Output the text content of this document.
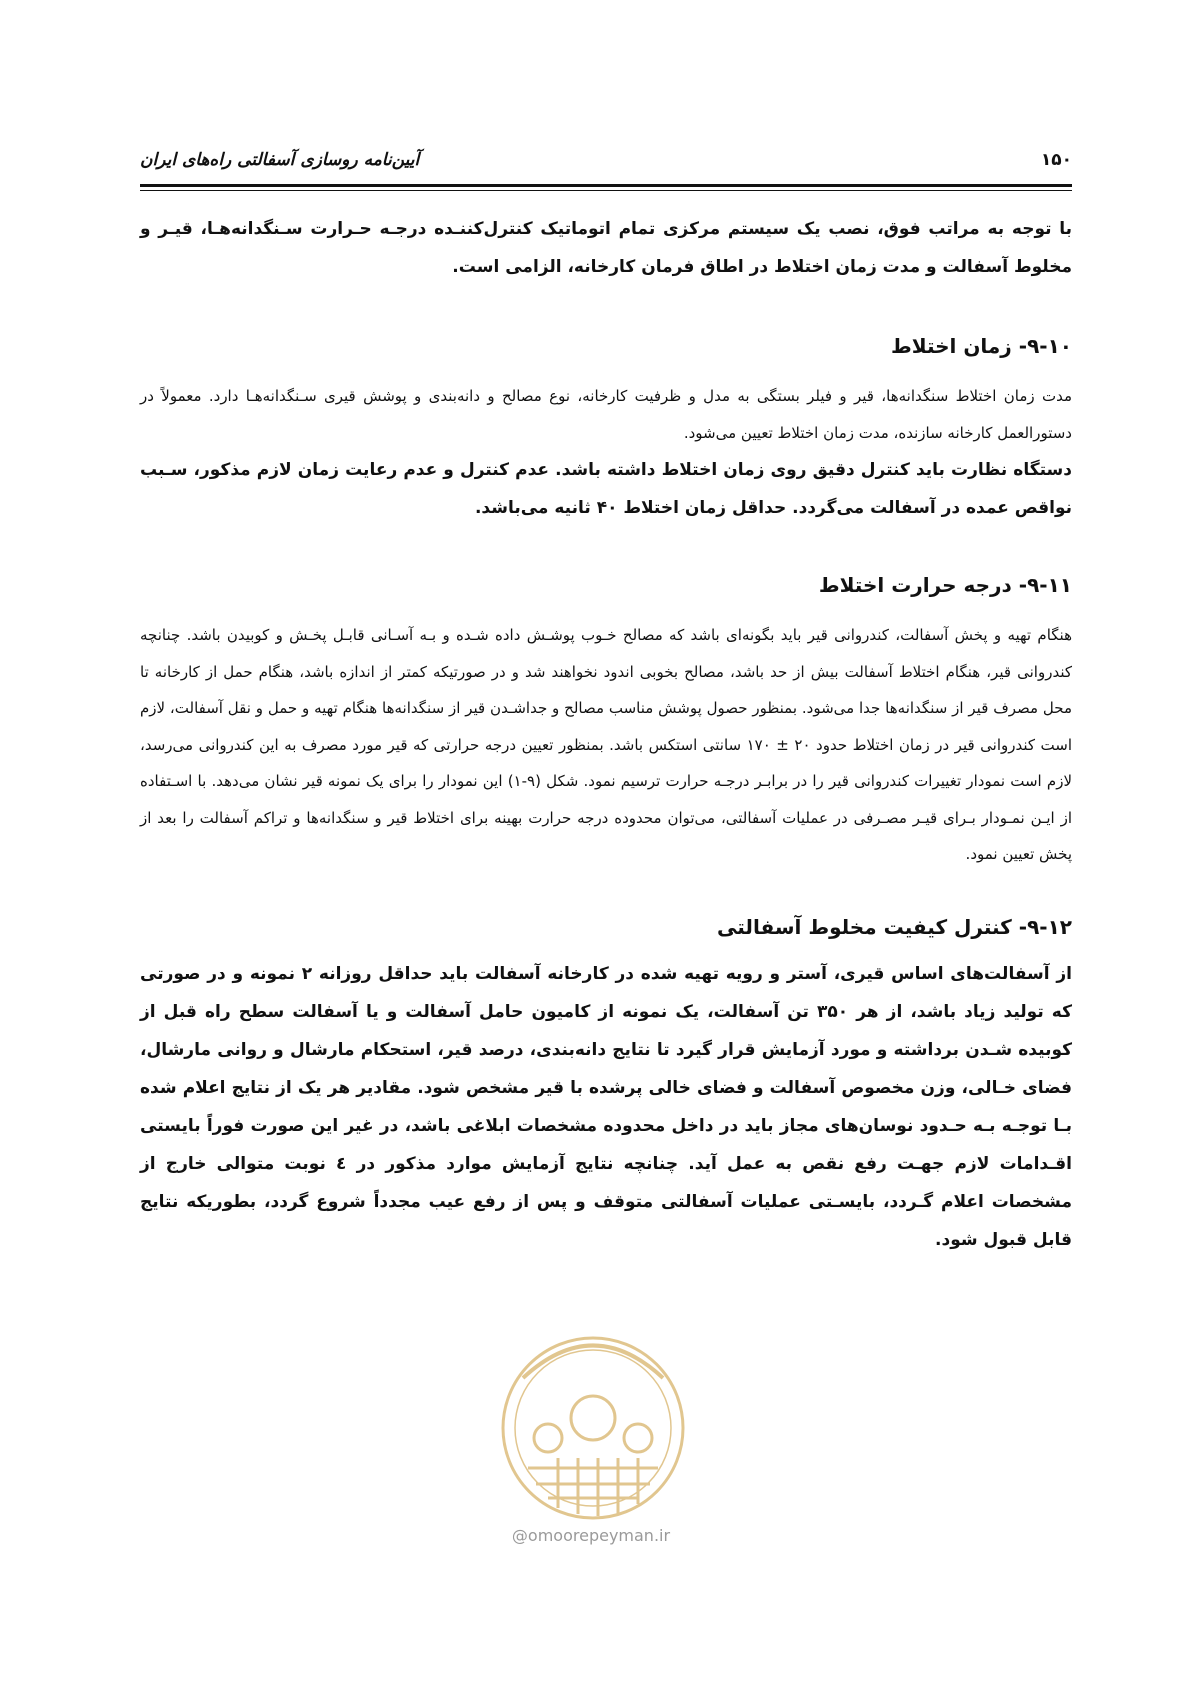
۱۵۰
آیین‌نامه روسازی آسفالتی راه‌های ایران

با توجه به مراتب فوق، نصب یک سیستم مرکزی تمام اتوماتیک کنترل‌کننـده درجـه حـرارت سـنگدانه‌هـا، قیـر و مخلوط آسفالت و مدت زمان اختلاط در اطاق فرمان کارخانه، الزامی است.

۹-۱۰- زمان اختلاط

مدت زمان اختلاط سنگدانه‌ها، قیر و فیلر بستگی به مدل و ظرفیت کارخانه، نوع مصالح و دانه‌بندی و پوشش قیری سـنگدانه‌هـا دارد. معمولاً در دستورالعمل کارخانه سازنده، مدت زمان اختلاط تعیین می‌شود.

دستگاه نظارت باید کنترل دقیق روی زمان اختلاط داشته باشد. عدم کنترل و عدم رعایت زمان لازم مذکور، سـبب نواقص عمده در آسفالت می‌گردد. حداقل زمان اختلاط ۴۰ ثانیه می‌باشد.

۹-۱۱- درجه حرارت اختلاط

هنگام تهیه و پخش آسفالت، کندروانی قیر باید بگونه‌ای باشد که مصالح خـوب پوشـش داده شـده و بـه آسـانی قابـل پخـش و کوبیدن باشد. چنانچه کندروانی قیر، هنگام اختلاط آسفالت بیش از حد باشد، مصالح بخوبی اندود نخواهند شد و در صورتیکه کمتر از اندازه باشد، هنگام حمل از کارخانه تا محل مصرف قیر از سنگدانه‌ها جدا می‌شود. بمنظور حصول پوشش مناسب مصالح و جداشـدن قیر از سنگدانه‌ها هنگام تهیه و حمل و نقل آسفالت، لازم است کندروانی قیر در زمان اختلاط حدود ۲۰ ± ۱۷۰ سانتی استکس باشد. بمنظور تعیین درجه حرارتی که قیر مورد مصرف به این کندروانی می‌رسد، لازم است نمودار تغییرات کندروانی قیر را در برابـر درجـه حرارت ترسیم نمود. شکل (۹-۱) این نمودار را برای یک نمونه قیر نشان می‌دهد. با اسـتفاده از ایـن نمـودار بـرای قیـر مصـرفی در عملیات آسفالتی، می‌توان محدوده درجه حرارت بهینه برای اختلاط قیر و سنگدانه‌ها و تراکم آسفالت را بعد از پخش تعیین نمود.

۹-۱۲- کنترل کیفیت مخلوط آسفالتی

از آسفالت‌های اساس قیری، آستر و رویه تهیه شده در کارخانه آسفالت باید حداقل روزانه ۲ نمونه و در صورتی که تولید زیاد باشد، از هر ۳۵۰ تن آسفالت، یک نمونه از کامیون حامل آسفالت و یا آسفالت سطح راه قبل از کوبیده شـدن برداشته و مورد آزمایش قرار گیرد تا نتایج دانه‌بندی، درصد قیر، استحکام مارشال و روانی مارشال، فضای خـالی، وزن مخصوص آسفالت و فضای خالی پرشده با قیر مشخص شود. مقادیر هر یک از نتایج اعلام شده بـا توجـه بـه حـدود نوسان‌های مجاز باید در داخل محدوده مشخصات ابلاغی باشد، در غیر این صورت فوراً بایستی اقـدامات لازم جهـت رفع نقص به عمل آید. چنانچه نتایج آزمایش موارد مذکور در ٤ نوبت متوالی خارج از مشخصات اعلام گـردد، بایسـتی عملیات آسفالتی متوقف و پس از رفع عیب مجدداً شروع گردد، بطوریکه نتایج قابل قبول شود.

@omoorepeyman.ir
